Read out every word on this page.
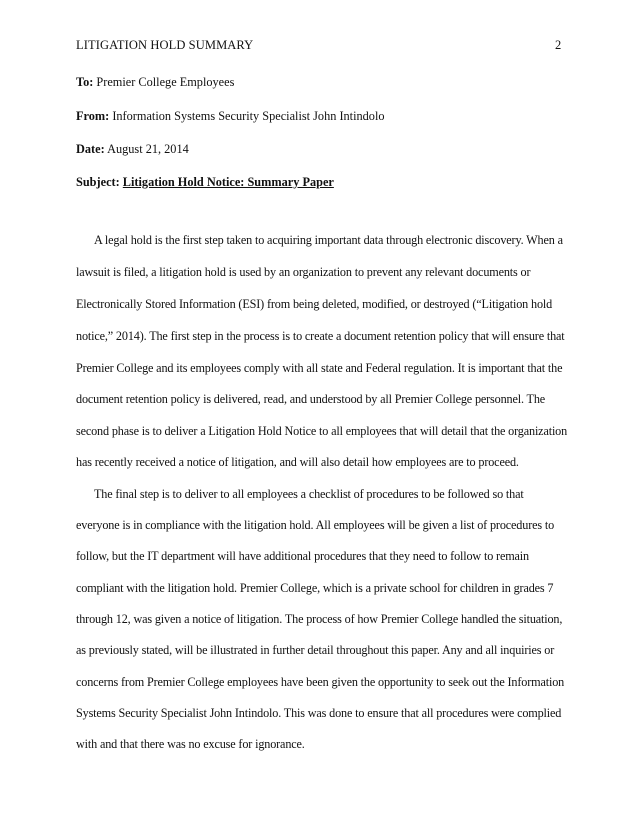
LITIGATION HOLD SUMMARY	2
To: Premier College Employees
From: Information Systems Security Specialist John Intindolo
Date: August 21, 2014
Subject: Litigation Hold Notice: Summary Paper
A legal hold is the first step taken to acquiring important data through electronic discovery. When a
lawsuit is filed, a litigation hold is used by an organization to prevent any relevant documents or
Electronically Stored Information (ESI) from being deleted, modified, or destroyed (“Litigation hold
notice,” 2014). The first step in the process is to create a document retention policy that will ensure that
Premier College and its employees comply with all state and Federal regulation. It is important that the
document retention policy is delivered, read, and understood by all Premier College personnel. The
second phase is to deliver a Litigation Hold Notice to all employees that will detail that the organization
has recently received a notice of litigation, and will also detail how employees are to proceed.
The final step is to deliver to all employees a checklist of procedures to be followed so that
everyone is in compliance with the litigation hold. All employees will be given a list of procedures to
follow, but the IT department will have additional procedures that they need to follow to remain
compliant with the litigation hold. Premier College, which is a private school for children in grades 7
through 12, was given a notice of litigation. The process of how Premier College handled the situation,
as previously stated, will be illustrated in further detail throughout this paper. Any and all inquiries or
concerns from Premier College employees have been given the opportunity to seek out the Information
Systems Security Specialist John Intindolo. This was done to ensure that all procedures were complied
with and that there was no excuse for ignorance.
